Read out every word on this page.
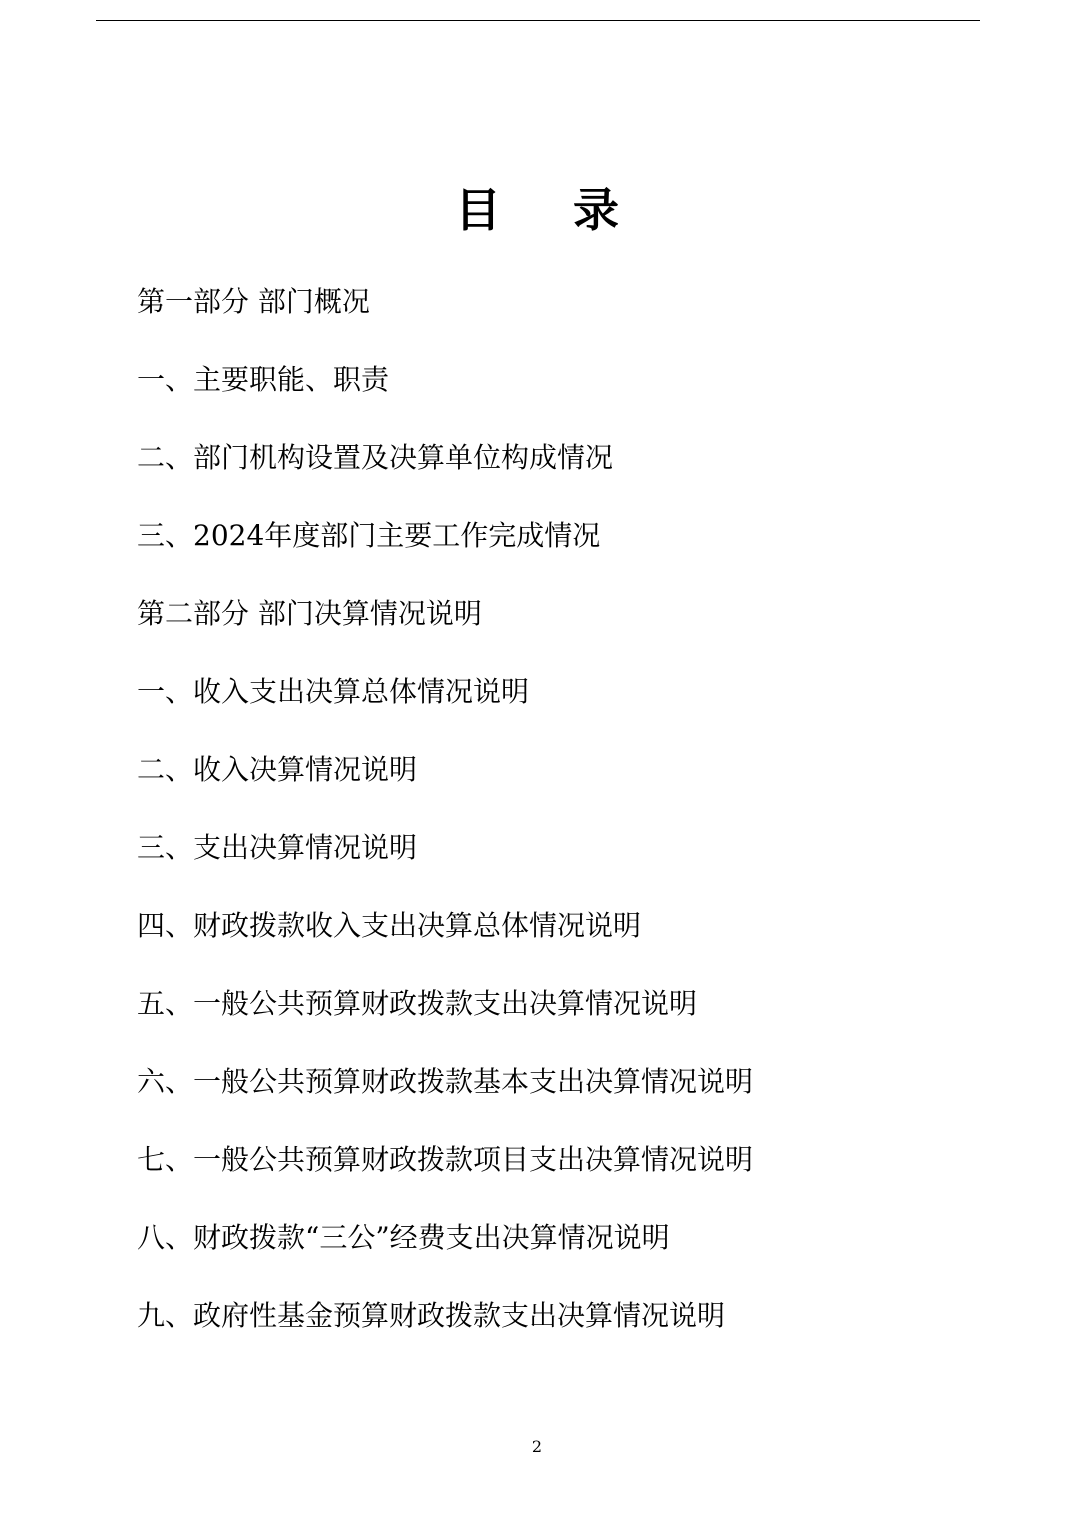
目 录
第一部分 部门概况
一、主要职能、职责
二、部门机构设置及决算单位构成情况
三、2024年度部门主要工作完成情况
第二部分 部门决算情况说明
一、收入支出决算总体情况说明
二、收入决算情况说明
三、支出决算情况说明
四、财政拨款收入支出决算总体情况说明
五、一般公共预算财政拨款支出决算情况说明
六、一般公共预算财政拨款基本支出决算情况说明
七、一般公共预算财政拨款项目支出决算情况说明
八、财政拨款“三公”经费支出决算情况说明
九、政府性基金预算财政拨款支出决算情况说明
2
